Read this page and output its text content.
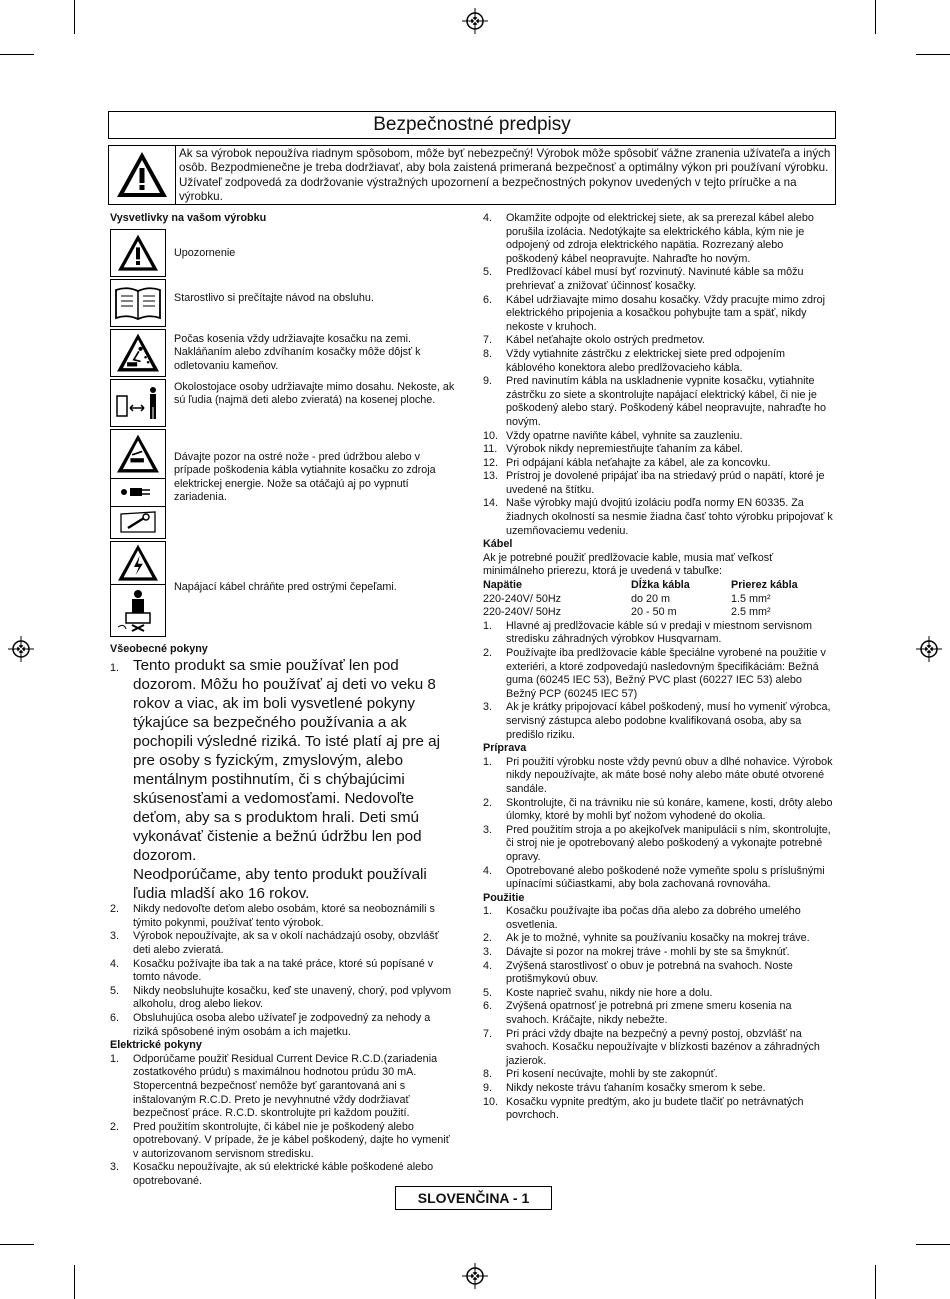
Bezpečnostné predpisy
Ak sa výrobok nepoužíva riadnym spôsobom, môže byť nebezpečný! Výrobok môže spôsobiť vážne zranenia užívateľa a iných osôb. Bezpodmienečne je treba dodržiavať, aby bola zaistená primeraná bezpečnosť a optimálny výkon pri používaní výrobku. Užívateľ zodpovedá za dodržovanie výstražných upozornení a bezpečnostných pokynov uvedených v tejto príručke a na výrobku.

Vysvetlivky na vašom výrobku

Upozornenie
Starostlivo si prečítajte návod na obsluhu.
Počas kosenia vždy udržiavajte kosačku na zemi. Nakláňaním alebo zdvíhaním kosačky môže dôjsť k odletovaniu kameňov.
Okolostojace osoby udržiavajte mimo dosahu. Nekoste, ak sú ľudia (najmä deti alebo zvieratá) na kosenej ploche.
Dávajte pozor na ostré nože - pred údržbou alebo v prípade poškodenia kábla vytiahnite kosačku zo zdroja elektrickej energie. Nože sa otáčajú aj po vypnutí zariadenia.
Napájací kábel chráňte pred ostrými čepeľami.

Všeobecné pokyny

1. Tento produkt sa smie používať len pod dozorom. Môžu ho používať aj deti vo veku 8 rokov a viac, ak im boli vysvetlené pokyny týkajúce sa bezpečného používania a ak pochopili výsledné riziká. To isté platí aj pre aj pre osoby s fyzickým, zmyslovým, alebo mentálnym postihnutím, či s chýbajúcimi skúsenosťami a vedomosťami. Nedovoľte deťom, aby sa s produktom hrali. Deti smú vykonávať čistenie a bežnú údržbu len pod dozorom.
Neodporúčame, aby tento produkt používali ľudia mladší ako 16 rokov.
2.	Nikdy nedovoľte deťom alebo osobám, ktoré sa neoboznámili s týmito pokynmi, používať tento výrobok.
3.	Výrobok nepoužívajte, ak sa v okolí nachádzajú osoby, obzvlášť deti alebo zvieratá.
4.	Kosačku požívajte iba tak a na také práce, ktoré sú popísané v tomto návode.
5.	Nikdy neobsluhujte kosačku, keď ste unavený, chorý, pod vplyvom alkoholu, drog alebo liekov.
6.	Obsluhujúca osoba alebo užívateľ je zodpovedný za nehody a riziká spôsobené iným osobám a ich majetku.

Elektrické pokyny

1.	Odporúčame použiť Residual Current Device R.C.D.(zariadenia zostatkového prúdu) s maximálnou hodnotou prúdu 30 mA. Stopercentná bezpečnosť nemôže byť garantovaná ani s inštalovaným R.C.D. Preto je nevyhnutné vždy dodržiavať bezpečnosť práce. R.C.D. skontrolujte pri každom použití.
2.	Pred použitím skontrolujte, či kábel nie je poškodený alebo opotrebovaný. V prípade, že je kábel poškodený, dajte ho vymeniť v autorizovanom servisnom stredisku.
3.	Kosačku nepoužívajte, ak sú elektrické káble poškodené alebo opotrebované.
4.	Okamžite odpojte od elektrickej siete, ak sa prerezal kábel alebo porušila izolácia. Nedotýkajte sa elektrického kábla, kým nie je odpojený od zdroja elektrického napätia. Rozrezaný alebo poškodený kábel neopravujte. Nahraďte ho novým.
5.	Predlžovací kábel musí byť rozvinutý. Navinuté káble sa môžu prehrievať a znižovať účinnosť kosačky.
6.	Kábel udržiavajte mimo dosahu kosačky. Vždy pracujte mimo zdroj elektrického pripojenia a kosačkou pohybujte tam a späť, nikdy nekoste v kruhoch.
7.	Kábel neťahajte okolo ostrých predmetov.
8.	Vždy vytiahnite zástrčku z elektrickej siete pred odpojením káblového konektora alebo predlžovacieho kábla.
9.	Pred navinutím kábla na uskladnenie vypnite kosačku, vytiahnite zástrčku zo siete a skontrolujte napájací elektrický kábel, či nie je poškodený alebo starý. Poškodený kábel neopravujte, nahraďte ho novým.
10. Vždy opatrne naviňte kábel, vyhnite sa zauzleniu.
11. Výrobok nikdy nepremiestňujte ťahaním za kábel.
12. Pri odpájaní kábla neťahajte za kábel, ale za koncovku.
13. Prístroj je dovolené pripájať iba na striedavý prúd o napätí, ktoré je uvedené na štítku.
14. Naše výrobky majú dvojitú izoláciu podľa normy EN 60335. Za žiadnych okolností sa nesmie žiadna časť tohto výrobku pripojovať k uzemňovaciemu vedeniu.

Kábel

Ak je potrebné použiť predlžovacie kable, musia mať veľkosť minimálneho prierezu, ktorá je uvedená v tabuľke:
Napätie	Dĺžka kábla	Prierez kábla
220-240V/ 50Hz	do 20 m	1.5 mm²
220-240V/ 50Hz	20 - 50 m	2.5 mm²
1.	Hlavné aj predlžovacie káble sú v predaji v miestnom servisnom stredisku záhradných výrobkov Husqvarnam.
2.	Používajte iba predlžovacie káble špeciálne vyrobené na použitie v exteriéri, a ktoré zodpovedajú nasledovným špecifikáciám: Bežná guma (60245 IEC 53), Bežný PVC plast (60227 IEC 53) alebo Bežný PCP (60245 IEC 57)
3.	Ak je krátky pripojovací kábel poškodený, musí ho vymeniť výrobca, servisný zástupca alebo podobne kvalifikovaná osoba, aby sa predišlo riziku.

Príprava

1.	Pri použití výrobku noste vždy pevnú obuv a dlhé nohavice. Výrobok nikdy nepoužívajte, ak máte bosé nohy alebo máte obuté otvorené sandále.
2.	Skontrolujte, či na trávniku nie sú konáre, kamene, kosti, drôty alebo úlomky, ktoré by mohli byť nožom vyhodené do okolia.
3.	Pred použitím stroja a po akejkoľvek manipulácii s ním, skontrolujte, či stroj nie je opotrebovaný alebo poškodený a vykonajte potrebné opravy.
4.	Opotrebované alebo poškodené nože vymeňte spolu s príslušnými upínacími súčiastkami, aby bola zachovaná rovnováha.

Použitie

1.	Kosačku používajte iba počas dňa alebo za dobrého umelého osvetlenia.
2.	Ak je to možné, vyhnite sa používaniu kosačky na mokrej tráve.
3.	Dávajte si pozor na mokrej tráve - mohli by ste sa šmyknúť.
4.	Zvýšená starostlivosť o obuv je potrebná na svahoch. Noste protišmykovú obuv.
5.	Koste naprieč svahu, nikdy nie hore a dolu.
6.	Zvýšená opatrnosť je potrebná pri zmene smeru kosenia na svahoch. Kráčajte, nikdy nebežte.
7.	Pri práci vždy dbajte na bezpečný a pevný postoj, obzvlášť na svahoch. Kosačku nepoužívajte v blízkosti bazénov a záhradných jazierok.
8.	Pri kosení necúvajte, mohli by ste zakopnúť.
9.	Nikdy nekoste trávu ťahaním kosačky smerom k sebe.
10. Kosačku vypnite predtým, ako ju budete tlačiť po netrávnatých povrchoch.
SLOVENČINA - 1
